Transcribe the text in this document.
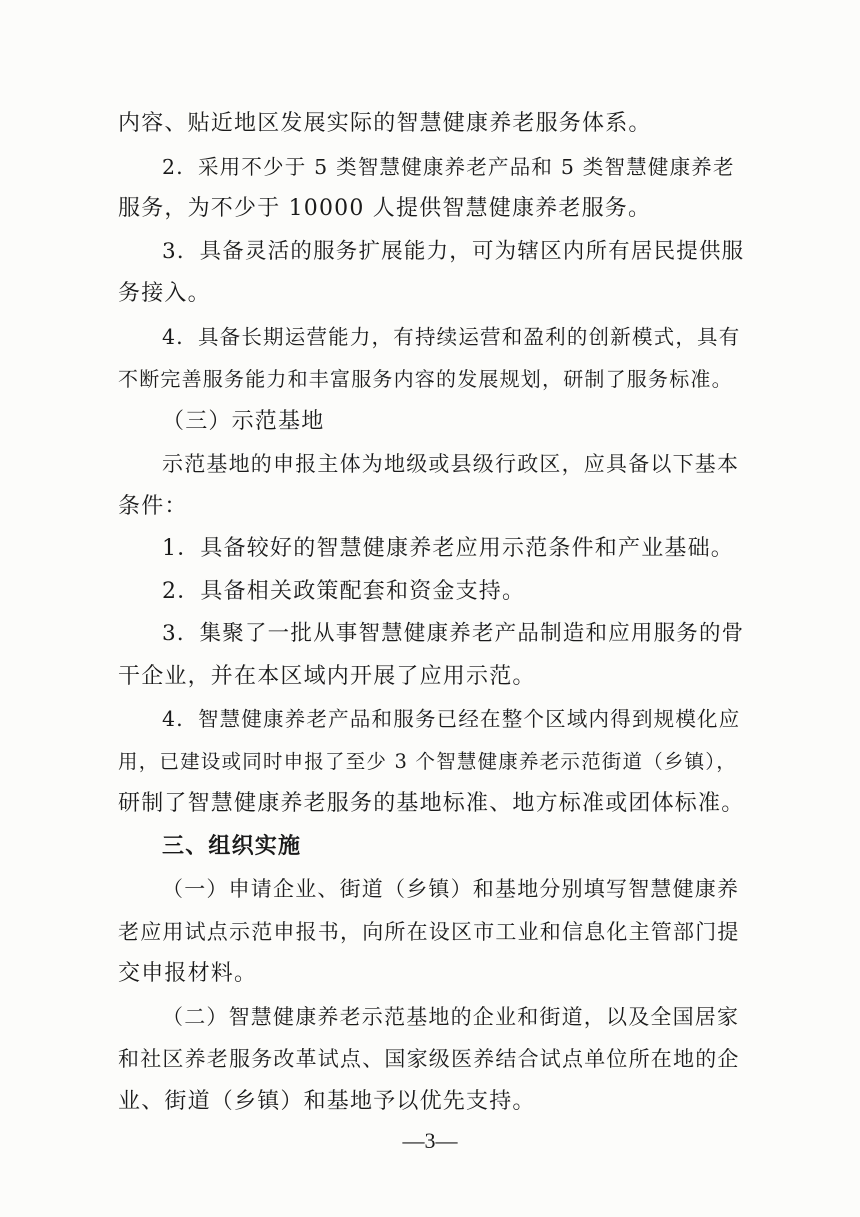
内容、贴近地区发展实际的智慧健康养老服务体系。
2．采用不少于 5 类智慧健康养老产品和 5 类智慧健康养老
服务，为不少于 10000 人提供智慧健康养老服务。
3．具备灵活的服务扩展能力，可为辖区内所有居民提供服
务接入。
4．具备长期运营能力，有持续运营和盈利的创新模式，具有
不断完善服务能力和丰富服务内容的发展规划，研制了服务标准。
（三）示范基地
示范基地的申报主体为地级或县级行政区，应具备以下基本
条件：
1．具备较好的智慧健康养老应用示范条件和产业基础。
2．具备相关政策配套和资金支持。
3．集聚了一批从事智慧健康养老产品制造和应用服务的骨
干企业，并在本区域内开展了应用示范。
4．智慧健康养老产品和服务已经在整个区域内得到规模化应
用，已建设或同时申报了至少 3 个智慧健康养老示范街道（乡镇），
研制了智慧健康养老服务的基地标准、地方标准或团体标准。
三、组织实施
（一）申请企业、街道（乡镇）和基地分别填写智慧健康养
老应用试点示范申报书，向所在设区市工业和信息化主管部门提
交申报材料。
（二）智慧健康养老示范基地的企业和街道，以及全国居家
和社区养老服务改革试点、国家级医养结合试点单位所在地的企
业、街道（乡镇）和基地予以优先支持。
—3—
